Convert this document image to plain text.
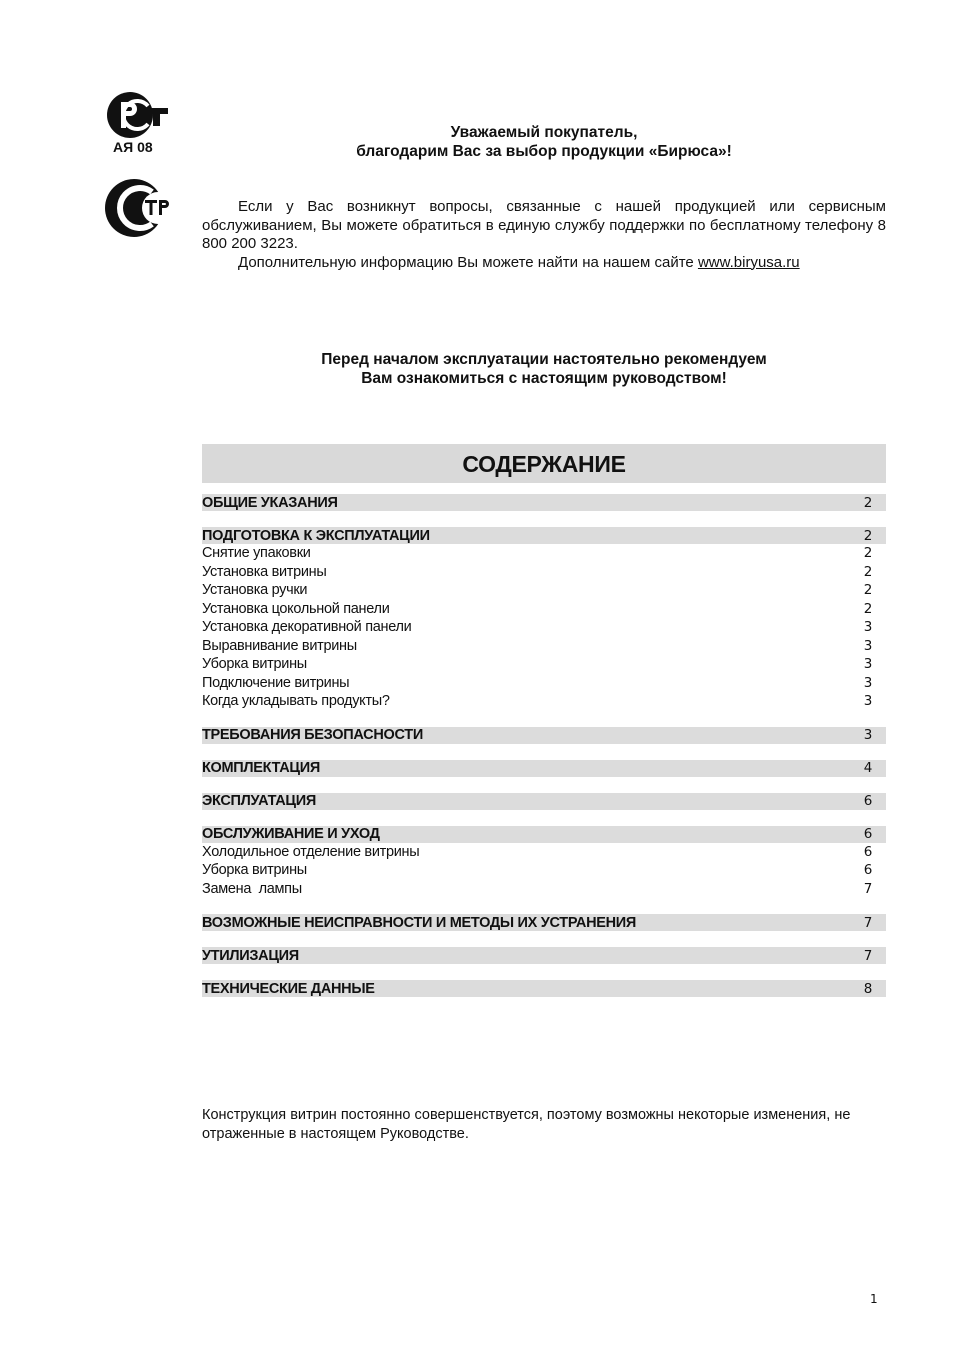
АЯ 08
Уважаемый покупатель,
благодарим Вас за выбор продукции «Бирюса»!

Если у Вас возникнут вопросы, связанные с нашей продукцией или сервисным обслуживанием, Вы можете обратиться в единую службу поддержки по бесплатному телефону 8 800 200 3223.

Дополнительную информацию Вы можете найти на нашем сайте www.biryusa.ru

Перед началом эксплуатации настоятельно рекомендуем
Вам ознакомиться с настоящим руководством!
СОДЕРЖАНИЕ
ОБЩИЕ УКАЗАНИЯ	2
ПОДГОТОВКА К ЭКСПЛУАТАЦИИ	2
Снятие упаковки	2
Установка витрины	2
Установка ручки	2
Установка цокольной панели	2
Установка декоративной панели	3
Выравнивание витрины	3
Уборка витрины	3
Подключение витрины	3
Когда укладывать продукты?	3
ТРЕБОВАНИЯ БЕЗОПАСНОСТИ	3
КОМПЛЕКТАЦИЯ	4
ЭКСПЛУАТАЦИЯ	6
ОБСЛУЖИВАНИЕ И УХОД	6
Холодильное отделение витрины	6
Уборка витрины	6
Замена  лампы	7
ВОЗМОЖНЫЕ НЕИСПРАВНОСТИ И МЕТОДЫ ИХ УСТРАНЕНИЯ	7
УТИЛИЗАЦИЯ	7
ТЕХНИЧЕСКИЕ ДАННЫЕ	8
Конструкция витрин постоянно совершенствуется, поэтому возможны некоторые изменения, не отраженные в настоящем Руководстве.
1
